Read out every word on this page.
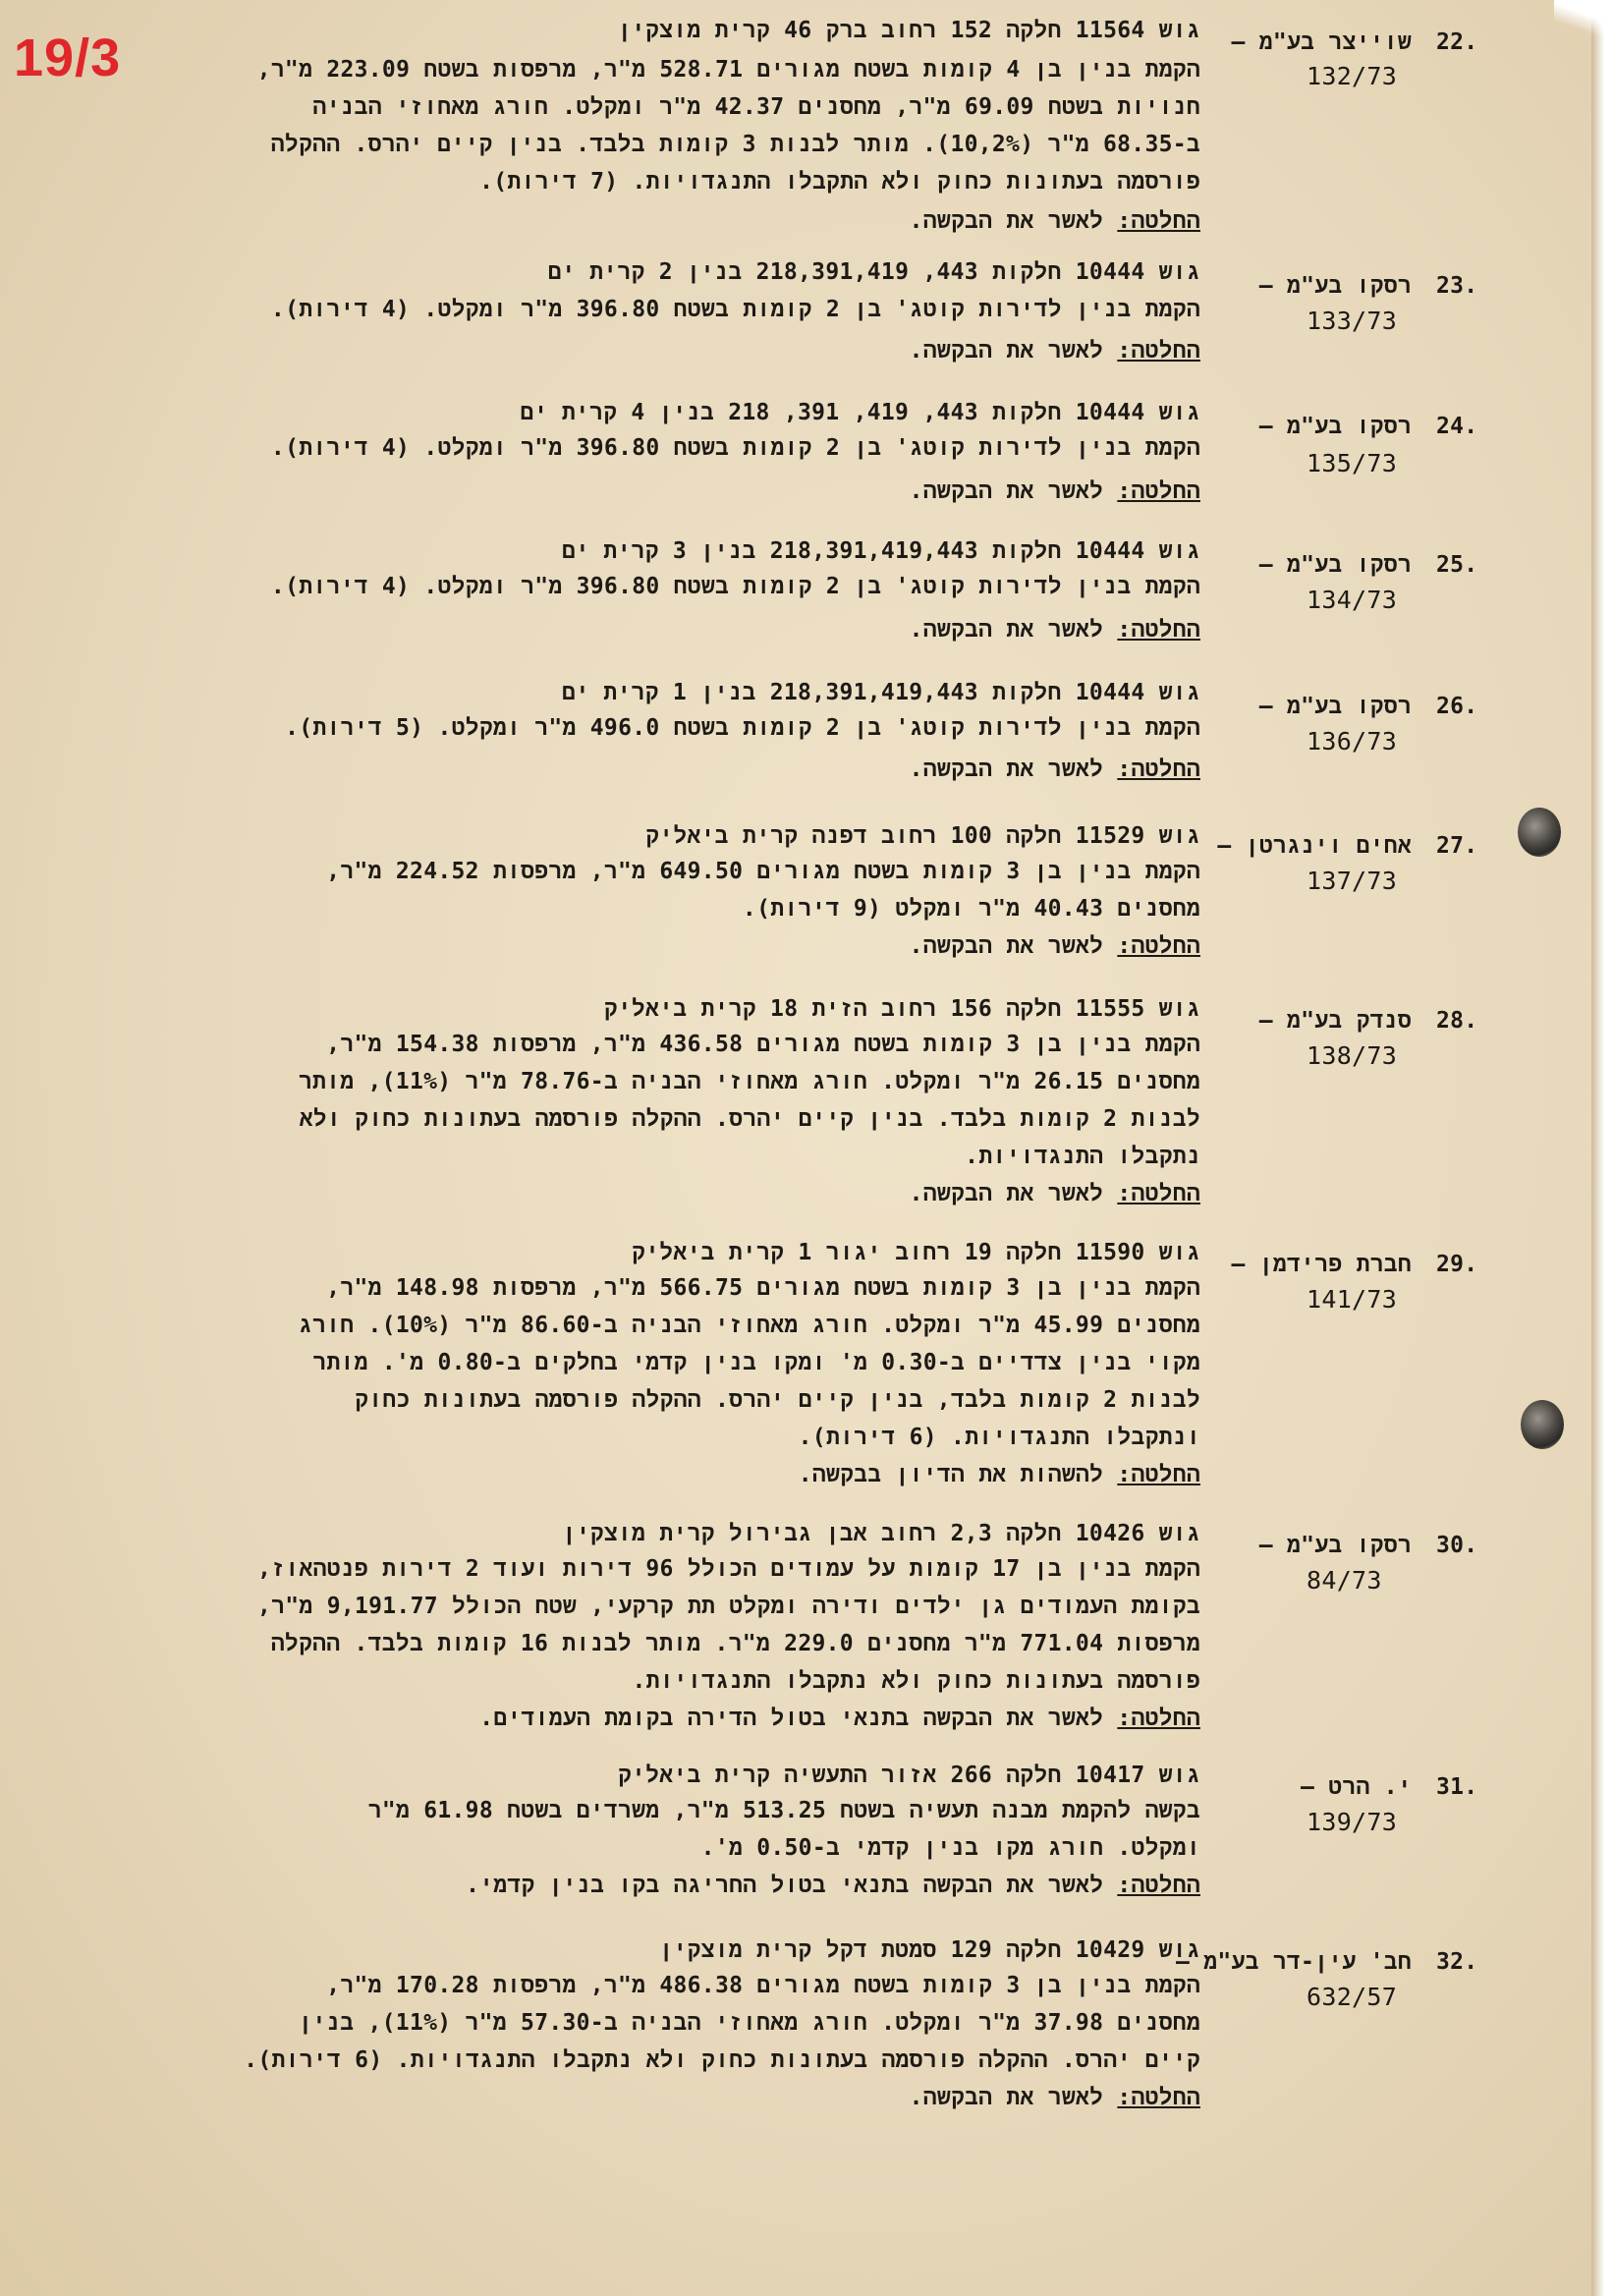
19/3	22.
שוייצר בע"מ –
132/73
גוש 11564 חלקה 152 רחוב ברק 46 קרית מוצקין
הקמת בנין בן 4 קומות בשטח מגורים 528.71 מ"ר, מרפסות בשטח 223.09 מ"ר,
חנויות בשטח 69.09 מ"ר, מחסנים 42.37 מ"ר ומקלט. חורג מאחוזי הבניה
ב-68.35 מ"ר (10,2%). מותר לבנות 3 קומות בלבד. בנין קיים יהרס. ההקלה
פורסמה בעתונות כחוק ולא התקבלו התנגדויות. (7 דירות).
החלטה: לאשר את הבקשה.
23.
רסקו בע"מ –
133/73
גוש 10444 חלקות 443, 218,391,419 בנין 2 קרית ים
הקמת בנין לדירות קוטג' בן 2 קומות בשטח 396.80 מ"ר ומקלט. (4 דירות).
החלטה: לאשר את הבקשה.
24.
רסקו בע"מ –
135/73
גוש 10444 חלקות 443, 419, 391, 218 בנין 4 קרית ים
הקמת בנין לדירות קוטג' בן 2 קומות בשטח 396.80 מ"ר ומקלט. (4 דירות).
החלטה: לאשר את הבקשה.
25.
רסקו בע"מ –
134/73
גוש 10444 חלקות 218,391,419,443 בנין 3 קרית ים
הקמת בנין לדירות קוטג' בן 2 קומות בשטח 396.80 מ"ר ומקלט. (4 דירות).
החלטה: לאשר את הבקשה.
26.
רסקו בע"מ –
136/73
גוש 10444 חלקות 218,391,419,443 בנין 1 קרית ים
הקמת בנין לדירות קוטג' בן 2 קומות בשטח 496.0 מ"ר ומקלט. (5 דירות).
החלטה: לאשר את הבקשה.
27.
אחים וינגרטן –
137/73
גוש 11529 חלקה 100 רחוב דפנה קרית ביאליק
הקמת בנין בן 3 קומות בשטח מגורים 649.50 מ"ר, מרפסות 224.52 מ"ר,
מחסנים 40.43 מ"ר ומקלט (9 דירות).
החלטה: לאשר את הבקשה.
28.
סנדק בע"מ –
138/73
גוש 11555 חלקה 156 רחוב הזית 18 קרית ביאליק
הקמת בנין בן 3 קומות בשטח מגורים 436.58 מ"ר, מרפסות 154.38 מ"ר,
מחסנים 26.15 מ"ר ומקלט. חורג מאחוזי הבניה ב-78.76 מ"ר (11%), מותר
לבנות 2 קומות בלבד. בנין קיים יהרס. ההקלה פורסמה בעתונות כחוק ולא
נתקבלו התנגדויות.
החלטה: לאשר את הבקשה.
29.
חברת פרידמן –
141/73
גוש 11590 חלקה 19 רחוב יגור 1 קרית ביאליק
הקמת בנין בן 3 קומות בשטח מגורים 566.75 מ"ר, מרפסות 148.98 מ"ר,
מחסנים 45.99 מ"ר ומקלט. חורג מאחוזי הבניה ב-86.60 מ"ר (10%). חורג
מקוי בנין צדדיים ב-0.30 מ' ומקו בנין קדמי בחלקים ב-0.80 מ'. מותר
לבנות 2 קומות בלבד, בנין קיים יהרס. ההקלה פורסמה בעתונות כחוק
ונתקבלו התנגדויות. (6 דירות).
החלטה: להשהות את הדיון בבקשה.
30.
רסקו בע"מ –
84/73
גוש 10426 חלקה 2,3 רחוב אבן גבירול קרית מוצקין
הקמת בנין בן 17 קומות על עמודים הכולל 96 דירות ועוד 2 דירות פנטהאוז,
בקומת העמודים גן ילדים ודירה ומקלט תת קרקעי, שטח הכולל 9,191.77 מ"ר,
מרפסות 771.04 מ"ר מחסנים 229.0 מ"ר. מותר לבנות 16 קומות בלבד. ההקלה
פורסמה בעתונות כחוק ולא נתקבלו התנגדויות.
החלטה: לאשר את הבקשה בתנאי בטול הדירה בקומת העמודים.
31.
י. הרט –
139/73
גוש 10417 חלקה 266 אזור התעשיה קרית ביאליק
בקשה להקמת מבנה תעשיה בשטח 513.25 מ"ר, משרדים בשטח 61.98 מ"ר
ומקלט. חורג מקו בנין קדמי ב-0.50 מ'.
החלטה: לאשר את הבקשה בתנאי בטול החריגה בקו בנין קדמי.
32.
חב' עין-דר בע"מ –
632/57
גוש 10429 חלקה 129 סמטת דקל קרית מוצקין
הקמת בנין בן 3 קומות בשטח מגורים 486.38 מ"ר, מרפסות 170.28 מ"ר,
מחסנים 37.98 מ"ר ומקלט. חורג מאחוזי הבניה ב-57.30 מ"ר (11%), בנין
קיים יהרס. ההקלה פורסמה בעתונות כחוק ולא נתקבלו התנגדויות. (6 דירות).
החלטה: לאשר את הבקשה.
